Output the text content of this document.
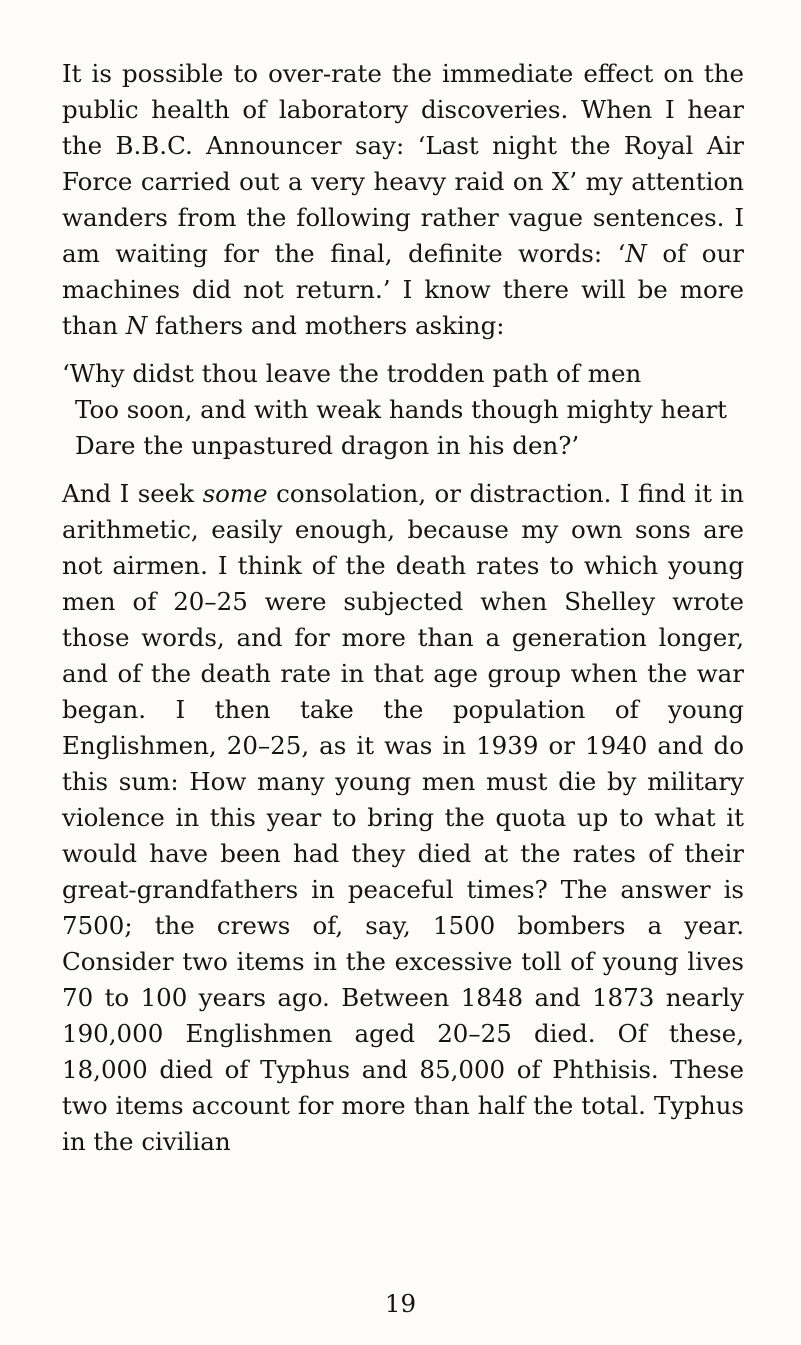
It is possible to over-rate the immediate effect on the public health of laboratory discoveries. When I hear the B.B.C. Announcer say: ‘Last night the Royal Air Force carried out a very heavy raid on X’ my attention wanders from the following rather vague sentences. I am waiting for the final, definite words: ‘N of our machines did not return.’ I know there will be more than N fathers and mothers asking:

‘Why didst thou leave the trodden path of men
Too soon, and with weak hands though mighty heart
Dare the unpastured dragon in his den?’

And I seek some consolation, or distraction. I find it in arithmetic, easily enough, because my own sons are not airmen. I think of the death rates to which young men of 20–25 were subjected when Shelley wrote those words, and for more than a generation longer, and of the death rate in that age group when the war began. I then take the population of young Englishmen, 20–25, as it was in 1939 or 1940 and do this sum: How many young men must die by military violence in this year to bring the quota up to what it would have been had they died at the rates of their great-grandfathers in peaceful times? The answer is 7500; the crews of, say, 1500 bombers a year. Consider two items in the excessive toll of young lives 70 to 100 years ago. Between 1848 and 1873 nearly 190,000 Englishmen aged 20–25 died. Of these, 18,000 died of Typhus and 85,000 of Phthisis. These two items account for more than half the total. Typhus in the civilian

19
